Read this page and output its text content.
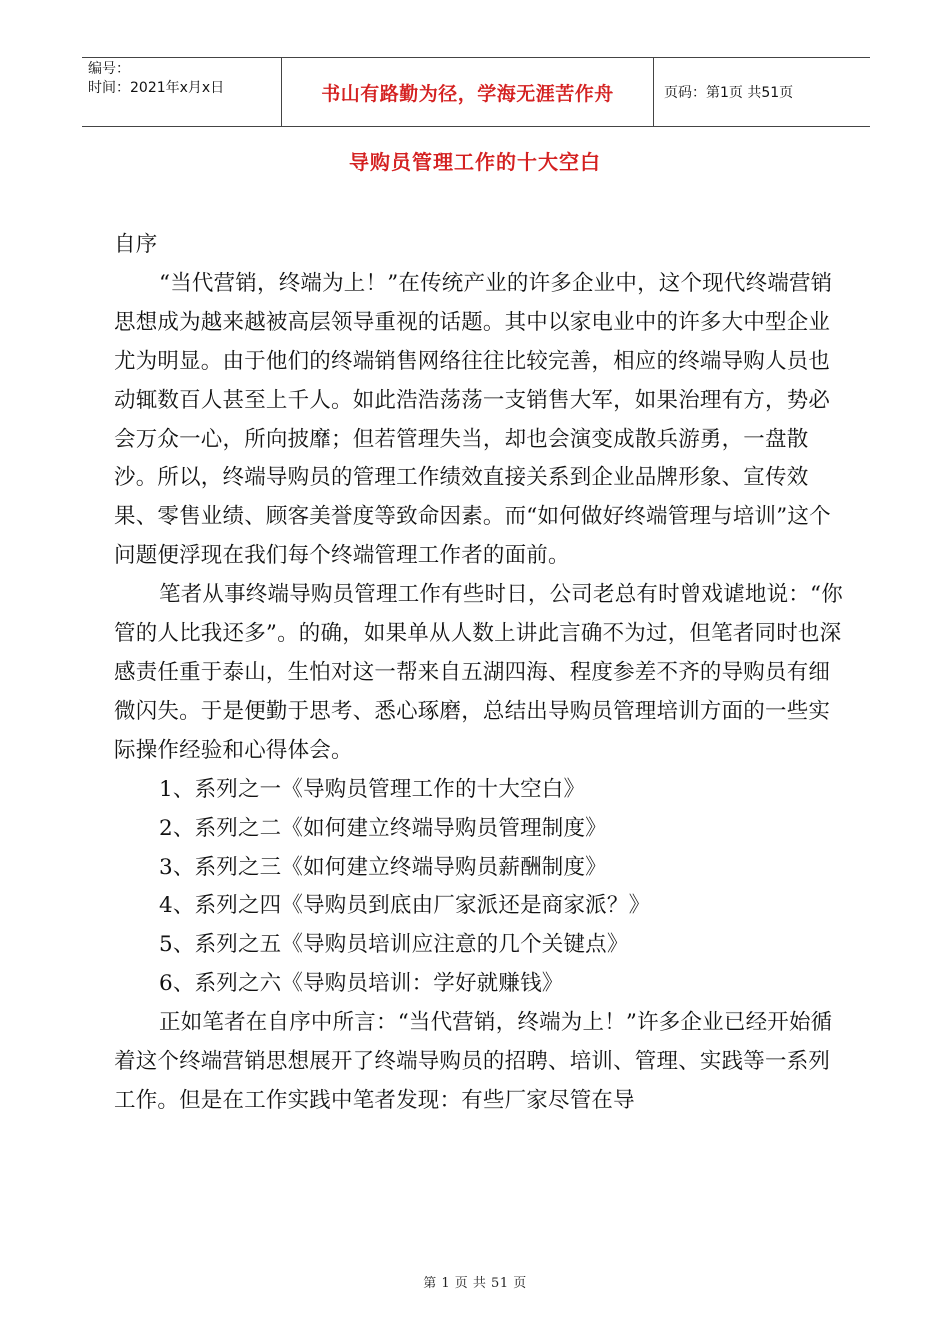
编号：
时间：2021年x月x日	书山有路勤为径，学海无涯苦作舟	页码：第1页 共51页
导购员管理工作的十大空白

自序

“当代营销，终端为上！”在传统产业的许多企业中，这个现代终端营销思想成为越来越被高层领导重视的话题。其中以家电业中的许多大中型企业尤为明显。由于他们的终端销售网络往往比较完善，相应的终端导购人员也动辄数百人甚至上千人。如此浩浩荡荡一支销售大军，如果治理有方，势必会万众一心，所向披靡；但若管理失当，却也会演变成散兵游勇，一盘散沙。所以，终端导购员的管理工作绩效直接关系到企业品牌形象、宣传效果、零售业绩、顾客美誉度等致命因素。而“如何做好终端管理与培训”这个问题便浮现在我们每个终端管理工作者的面前。

笔者从事终端导购员管理工作有些时日，公司老总有时曾戏谑地说：“你管的人比我还多”。的确，如果单从人数上讲此言确不为过，但笔者同时也深感责任重于泰山，生怕对这一帮来自五湖四海、程度参差不齐的导购员有细微闪失。于是便勤于思考、悉心琢磨，总结出导购员管理培训方面的一些实际操作经验和心得体会。

1、系列之一《导购员管理工作的十大空白》

2、系列之二《如何建立终端导购员管理制度》

3、系列之三《如何建立终端导购员薪酬制度》

4、系列之四《导购员到底由厂家派还是商家派？》

5、系列之五《导购员培训应注意的几个关键点》

6、系列之六《导购员培训：学好就赚钱》

正如笔者在自序中所言：“当代营销，终端为上！”许多企业已经开始循着这个终端营销思想展开了终端导购员的招聘、培训、管理、实践等一系列工作。但是在工作实践中笔者发现：有些厂家尽管在导

第 1 页 共 51 页
